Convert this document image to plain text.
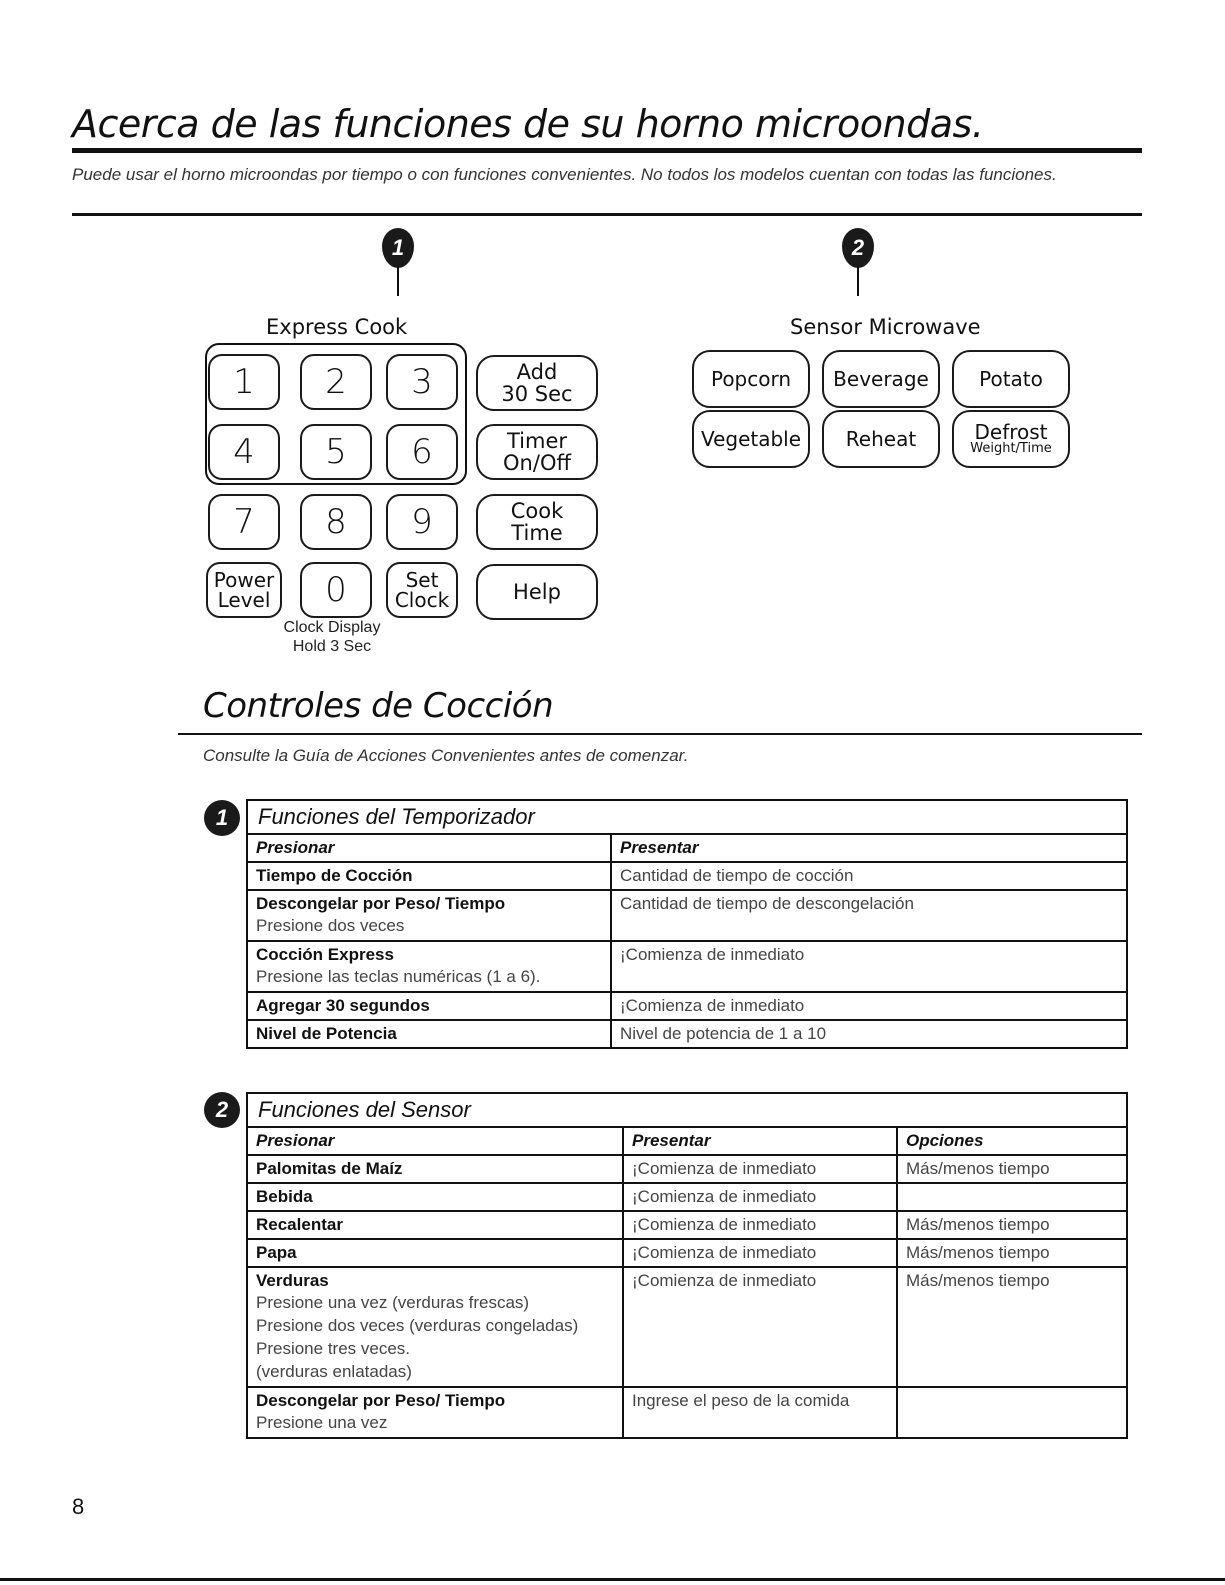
Acerca de las funciones de su horno microondas.
Puede usar el horno microondas por tiempo o con funciones convenientes. No todos los modelos cuentan con todas las funciones.
1	2
Express Cook
1	2	3	Add
30 Sec
4	5	6	Timer
On/Off
7	8	9	Cook
Time
Power
Level	0	Set
Clock	Help
Clock Display
Hold 3 Sec
Sensor Microwave
Popcorn	Beverage	Potato
Vegetable	Reheat	Defrost
Weight/Time
Controles de Cocción
Consulte la Guía de Acciones Convenientes antes de comenzar.
1	Funciones del Temporizador	
Presionar	Presentar

Tiempo de Cocción	Cantidad de tiempo de cocción

Descongelar por Peso/ Tiempo
Presione dos veces	Cantidad de tiempo de descongelación

Cocción Express
Presione las teclas numéricas (1 a 6).	¡Comienza de inmediato

Agregar 30 segundos	¡Comienza de inmediato

Nivel de Potencia	Nivel de potencia de 1 a 10
2	Funciones del Sensor		
Presionar	Presentar	Opciones

Palomitas de Maíz	¡Comienza de inmediato	Más/menos tiempo

Bebida	¡Comienza de inmediato	

Recalentar	¡Comienza de inmediato	Más/menos tiempo

Papa	¡Comienza de inmediato	Más/menos tiempo

Verduras
Presione una vez (verduras frescas)
Presione dos veces (verduras congeladas)
Presione tres veces.
(verduras enlatadas)	¡Comienza de inmediato	Más/menos tiempo

Descongelar por Peso/ Tiempo
Presione una vez	Ingrese el peso de la comida	
8
